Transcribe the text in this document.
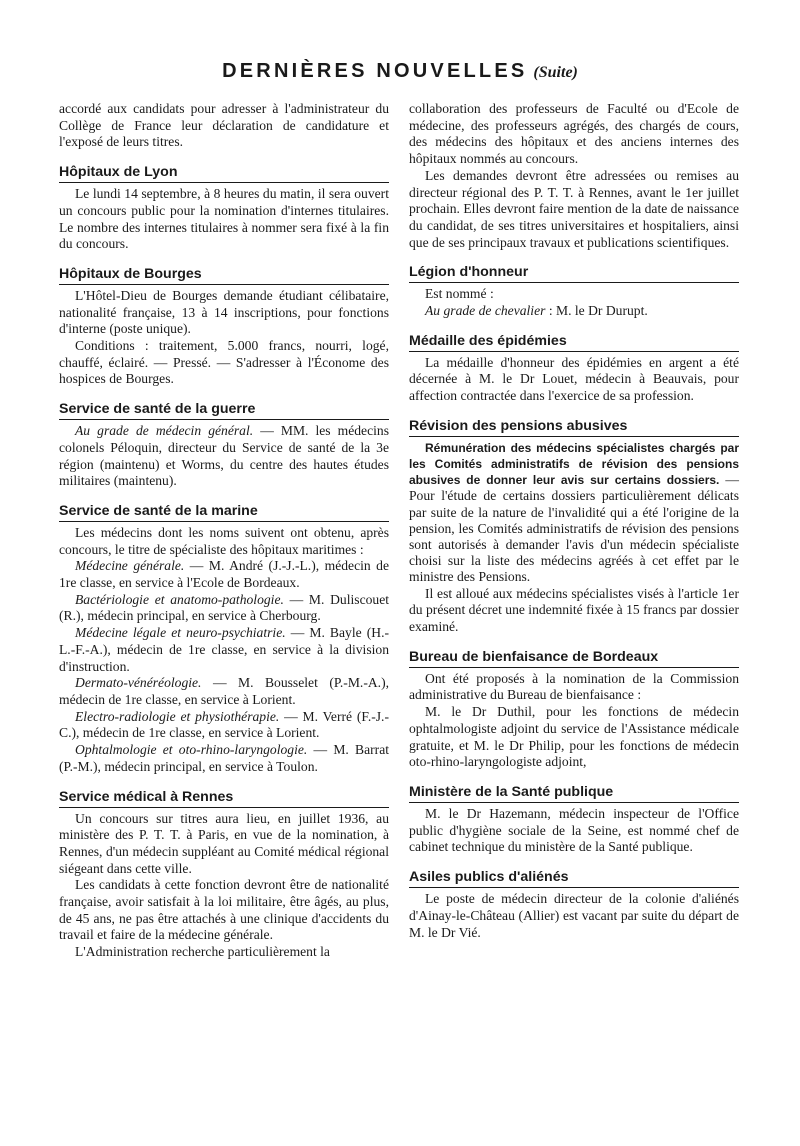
DERNIÈRES NOUVELLES (Suite)

accordé aux candidats pour adresser à l'administrateur du Collège de France leur déclaration de candidature et l'exposé de leurs titres.

Hôpitaux de Lyon

Le lundi 14 septembre, à 8 heures du matin, il sera ouvert un concours public pour la nomination d'internes titulaires. Le nombre des internes titulaires à nommer sera fixé à la fin du concours.

Hôpitaux de Bourges

L'Hôtel-Dieu de Bourges demande étudiant célibataire, nationalité française, 13 à 14 inscriptions, pour fonctions d'interne (poste unique).

Conditions : traitement, 5.000 francs, nourri, logé, chauffé, éclairé. — Pressé. — S'adresser à l'Économe des hospices de Bourges.

Service de santé de la guerre

Au grade de médecin général. — MM. les médecins colonels Péloquin, directeur du Service de santé de la 3e région (maintenu) et Worms, du centre des hautes études militaires (maintenu).

Service de santé de la marine

Les médecins dont les noms suivent ont obtenu, après concours, le titre de spécialiste des hôpitaux maritimes :

Médecine générale. — M. André (J.-J.-L.), médecin de 1re classe, en service à l'Ecole de Bordeaux.

Bactériologie et anatomo-pathologie. — M. Duliscouet (R.), médecin principal, en service à Cherbourg.

Médecine légale et neuro-psychiatrie. — M. Bayle (H.-L.-F.-A.), médecin de 1re classe, en service à la division d'instruction.

Dermato-vénéréologie. — M. Bousselet (P.-M.-A.), médecin de 1re classe, en service à Lorient.

Electro-radiologie et physiothérapie. — M. Verré (F.-J.-C.), médecin de 1re classe, en service à Lorient.

Ophtalmologie et oto-rhino-laryngologie. — M. Barrat (P.-M.), médecin principal, en service à Toulon.

Service médical à Rennes

Un concours sur titres aura lieu, en juillet 1936, au ministère des P. T. T. à Paris, en vue de la nomination, à Rennes, d'un médecin suppléant au Comité médical régional siégeant dans cette ville.

Les candidats à cette fonction devront être de nationalité française, avoir satisfait à la loi militaire, être âgés, au plus, de 45 ans, ne pas être attachés à une clinique d'accidents du travail et faire de la médecine générale.

L'Administration recherche particulièrement la

collaboration des professeurs de Faculté ou d'Ecole de médecine, des professeurs agrégés, des chargés de cours, des médecins des hôpitaux et des anciens internes des hôpitaux nommés au concours.

Les demandes devront être adressées ou remises au directeur régional des P. T. T. à Rennes, avant le 1er juillet prochain. Elles devront faire mention de la date de naissance du candidat, de ses titres universitaires et hospitaliers, ainsi que de ses principaux travaux et publications scientifiques.

Légion d'honneur

Est nommé :

Au grade de chevalier : M. le Dr Durupt.

Médaille des épidémies

La médaille d'honneur des épidémies en argent a été décernée à M. le Dr Louet, médecin à Beauvais, pour affection contractée dans l'exercice de sa profession.

Révision des pensions abusives

Rémunération des médecins spécialistes chargés par les Comités administratifs de révision des pensions abusives de donner leur avis sur certains dossiers. — Pour l'étude de certains dossiers particulièrement délicats par suite de la nature de l'invalidité qui a été l'origine de la pension, les Comités administratifs de révision des pensions sont autorisés à demander l'avis d'un médecin spécialiste choisi sur la liste des médecins agréés à cet effet par le ministre des Pensions.

Il est alloué aux médecins spécialistes visés à l'article 1er du présent décret une indemnité fixée à 15 francs par dossier examiné.

Bureau de bienfaisance de Bordeaux

Ont été proposés à la nomination de la Commission administrative du Bureau de bienfaisance :

M. le Dr Duthil, pour les fonctions de médecin ophtalmologiste adjoint du service de l'Assistance médicale gratuite, et M. le Dr Philip, pour les fonctions de médecin oto-rhino-laryngologiste adjoint,

Ministère de la Santé publique

M. le Dr Hazemann, médecin inspecteur de l'Office public d'hygiène sociale de la Seine, est nommé chef de cabinet technique du ministère de la Santé publique.

Asiles publics d'aliénés

Le poste de médecin directeur de la colonie d'aliénés d'Ainay-le-Château (Allier) est vacant par suite du départ de M. le Dr Vié.
